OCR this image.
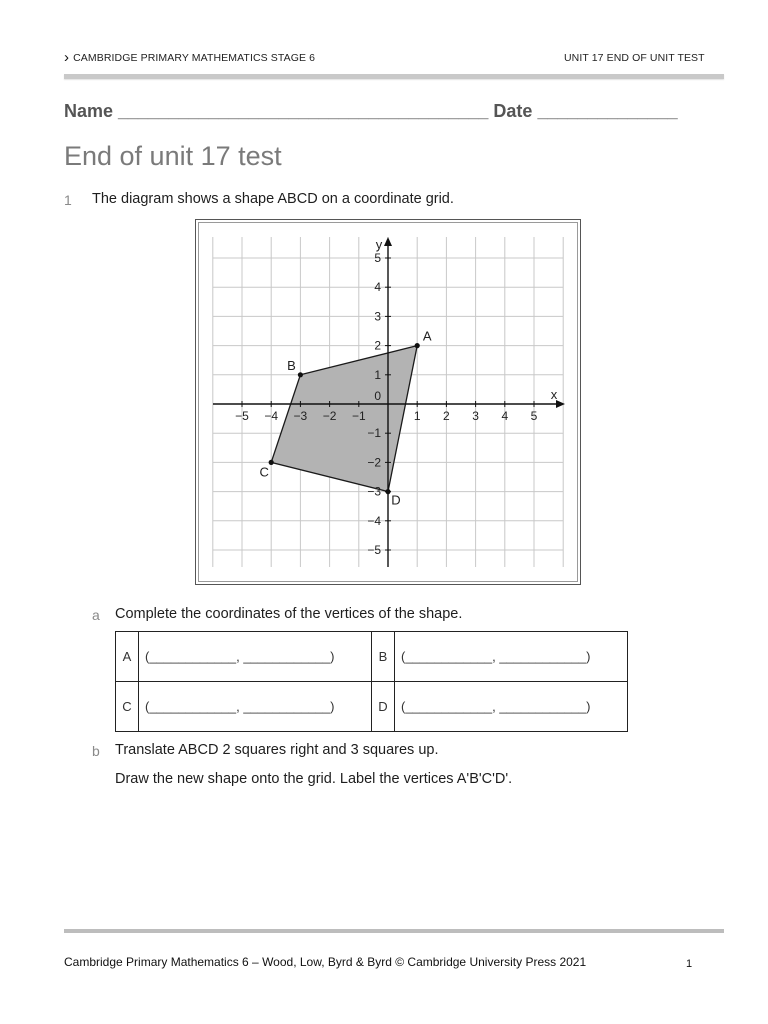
› CAMBRIDGE PRIMARY MATHEMATICS STAGE 6	UNIT 17 END OF UNIT TEST
Name _____________________________________ Date ______________
End of unit 17 test
1 The diagram shows a shape ABCD on a coordinate grid.
−5 −4 −3 −2 −1	1 2 3 4 5
5
4
3
2
1
−1
−2
−3
−4
−5
0	x
y
A
B
C
D
a Complete the coordinates of the vertices of the shape.
A	(____________, ____________)	B	(____________, ____________)
C	(____________, ____________)	D	(____________, ____________)
b Translate ABCD 2 squares right and 3 squares up.
Draw the new shape onto the grid. Label the vertices A'B'C'D'.
Cambridge Primary Mathematics 6 – Wood, Low, Byrd & Byrd © Cambridge University Press 2021	1
